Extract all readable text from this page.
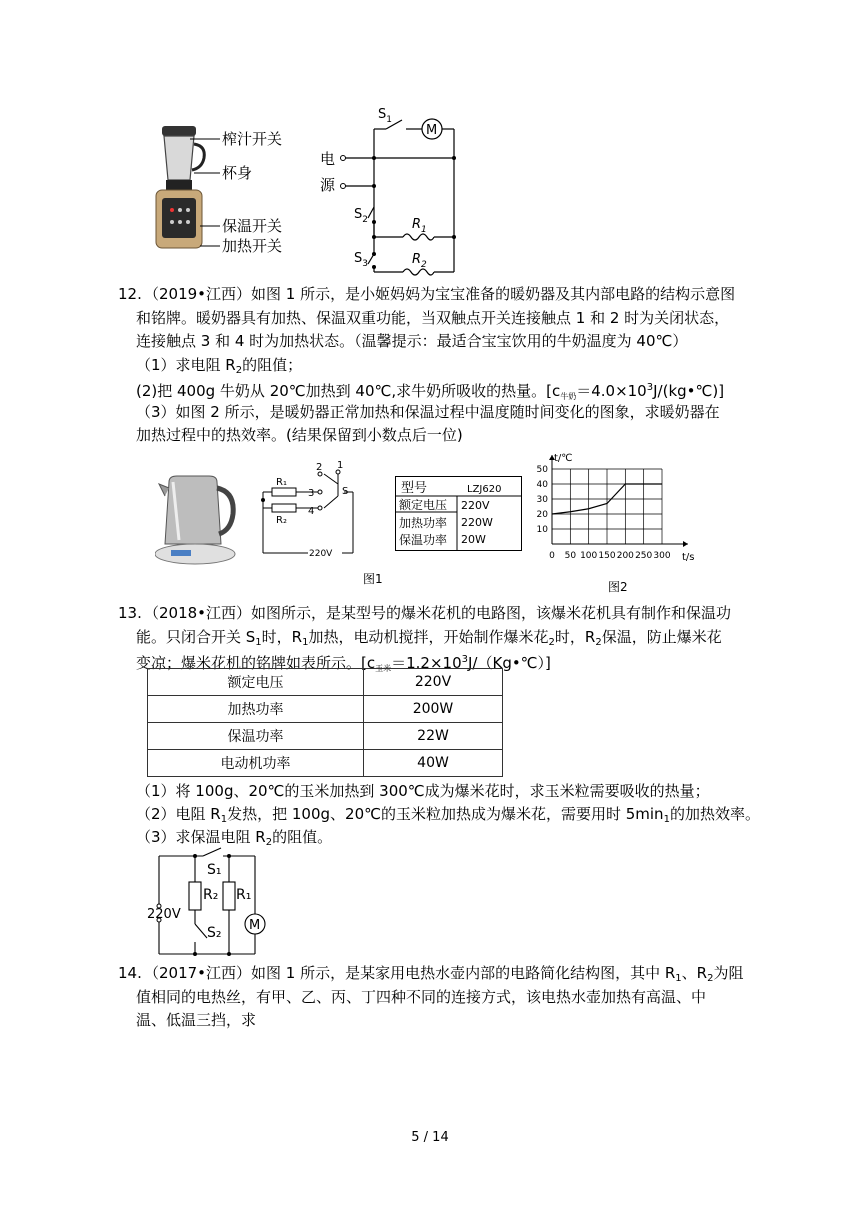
榨汁开关
杯身
保温开关
加热开关
M
$S_1$
电
源
$S_2$	$R_1$
$S_3$	$R_2$
12. （2019•江西）如图 1 所示，是小姬妈妈为宝宝准备的暖奶器及其内部电路的结构示意图
和铭牌。暖奶器具有加热、保温双重功能，当双触点开关连接触点 1 和 2 时为关闭状态，
连接触点 3 和 4 时为加热状态。（温馨提示：最适合宝宝饮用的牛奶温度为 40℃）
（1）求电阻 $R_2$的阻值；
(2)把 400g 牛奶从 20℃加热到 40℃,求牛奶所吸收的热量。$[c_{牛奶}=4.0\times 10^3J/(kg•℃)]$
（3）如图 2 所示，是暖奶器正常加热和保温过程中温度随时间变化的图象，求暖奶器在
加热过程中的热效率。(结果保留到小数点后一位)
R₁
R₂
2 1
3
4
S
220V
型号	LZJ620
额定电压 220V
加热功率 220W
保温功率 20W
图1
0 50 100 150 200 250 300
10
20
30
40
50
t/℃
t/s
图2
13. （2018•江西）如图所示，是某型号的爆米花机的电路图，该爆米花机具有制作和保温功
能。只闭合开关 $S_1$时，$R_1$加热，电动机搅拌，开始制作爆米花$_2$时，$R_2$保温，防止爆米花
变凉；爆米花机的铭牌如表所示。$[c_{玉米}=1.2\times 10^3J/(Kg•℃)]$
额定电压	220V
加热功率	200W
保温功率	22W
电动机功率	40W
（1）将 100g、20℃的玉米加热到 300℃成为爆米花时，求玉米粒需要吸收的热量；
（2）电阻 $R_1$发热，把 100g、20℃的玉米粒加热成为爆米花，需要用时 $5\min_1$的加热效率。
（3）求保温电阻 $R_2$的阻值。
S₁
R₂ R₁
220V
M
S₂
14. （2017•江西）如图 1 所示，是某家用电热水壶内部的电路简化结构图，其中 $R_1$、$R_2$为阻
值相同的电热丝，有甲、乙、丙、丁四种不同的连接方式，该电热水壶加热有高温、中
温、低温三挡，求
5 / 14
